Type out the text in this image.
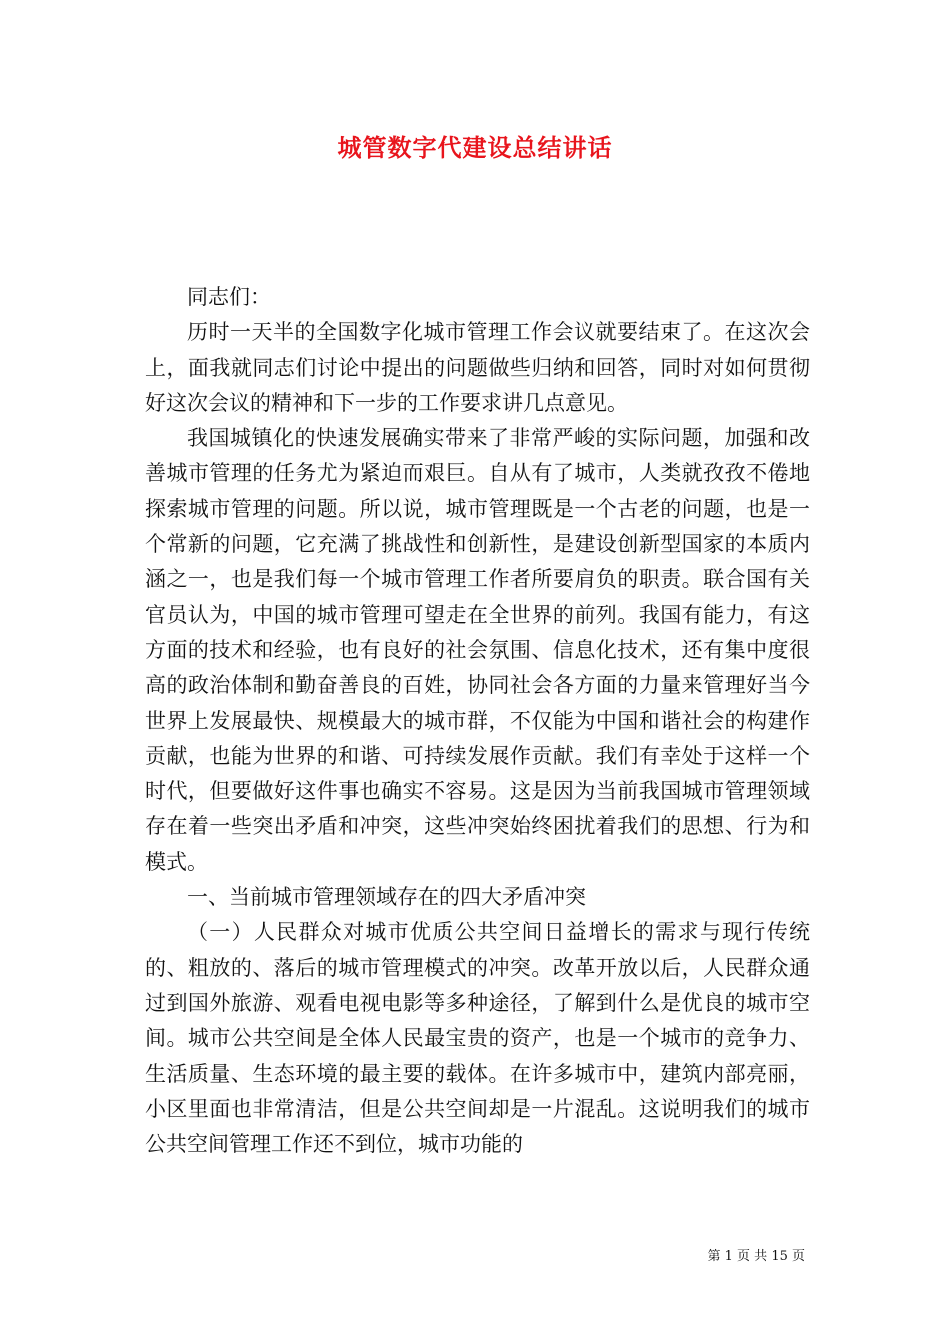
城管数字代建设总结讲话

同志们：

历时一天半的全国数字化城市管理工作会议就要结束了。在这次会上，面我就同志们讨论中提出的问题做些归纳和回答，同时对如何贯彻好这次会议的精神和下一步的工作要求讲几点意见。

我国城镇化的快速发展确实带来了非常严峻的实际问题，加强和改善城市管理的任务尤为紧迫而艰巨。自从有了城市，人类就孜孜不倦地探索城市管理的问题。所以说，城市管理既是一个古老的问题，也是一个常新的问题，它充满了挑战性和创新性，是建设创新型国家的本质内涵之一，也是我们每一个城市管理工作者所要肩负的职责。联合国有关官员认为，中国的城市管理可望走在全世界的前列。我国有能力，有这方面的技术和经验，也有良好的社会氛围、信息化技术，还有集中度很高的政治体制和勤奋善良的百姓，协同社会各方面的力量来管理好当今世界上发展最快、规模最大的城市群，不仅能为中国和谐社会的构建作贡献，也能为世界的和谐、可持续发展作贡献。我们有幸处于这样一个时代，但要做好这件事也确实不容易。这是因为当前我国城市管理领域存在着一些突出矛盾和冲突，这些冲突始终困扰着我们的思想、行为和模式。

一、当前城市管理领域存在的四大矛盾冲突

（一）人民群众对城市优质公共空间日益增长的需求与现行传统的、粗放的、落后的城市管理模式的冲突。改革开放以后，人民群众通过到国外旅游、观看电视电影等多种途径，了解到什么是优良的城市空间。城市公共空间是全体人民最宝贵的资产，也是一个城市的竞争力、生活质量、生态环境的最主要的载体。在许多城市中，建筑内部亮丽，小区里面也非常清洁，但是公共空间却是一片混乱。这说明我们的城市公共空间管理工作还不到位，城市功能的

第 1 页 共 15 页
